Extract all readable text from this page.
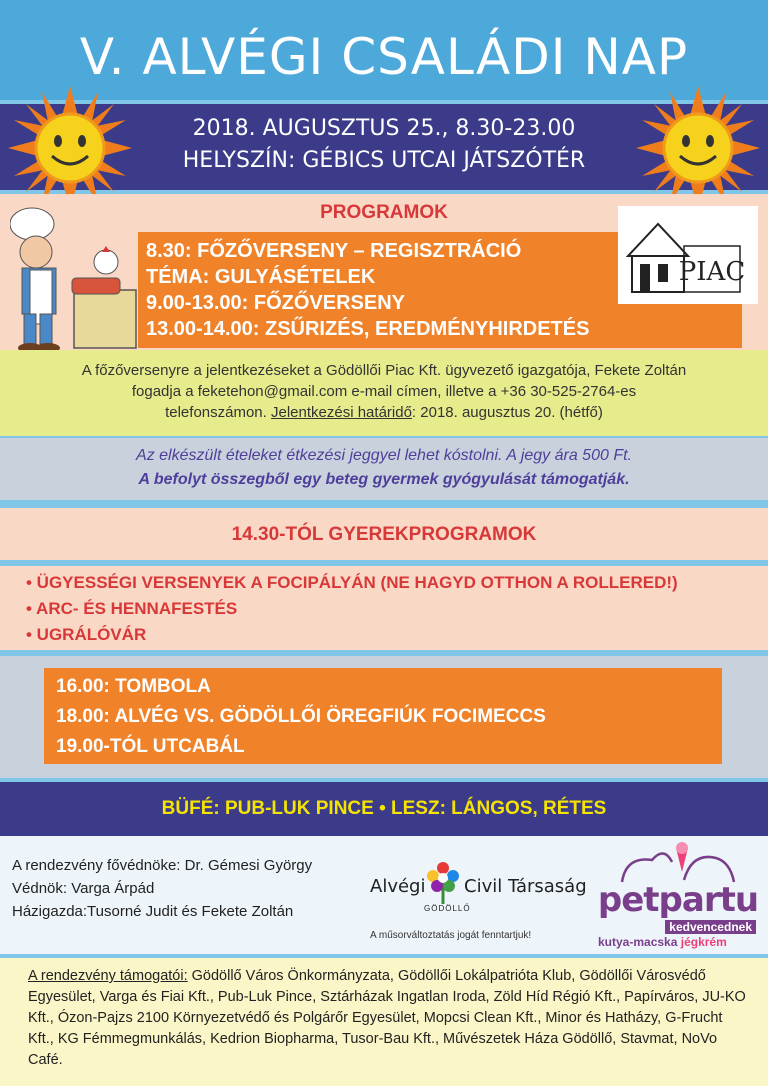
V. ALVÉGI CSALÁDI NAP
2018. AUGUSZTUS 25., 8.30-23.00
HELYSZÍN: GÉBICS UTCAI JÁTSZÓTÉR
PROGRAMOK
8.30: FŐZŐVERSENY – REGISZTRÁCIÓ
TÉMA: GULYÁSÉTELEK
9.00-13.00: FŐZŐVERSENY
13.00-14.00: ZSŰRIZÉS, EREDMÉNYHIRDETÉS
PIAC
A főzőversenyre a jelentkezéseket a Gödöllői Piac Kft. ügyvezető igazgatója, Fekete Zoltán
fogadja a feketehon@gmail.com e-mail címen, illetve a +36 30-525-2764-es
telefonszámon. Jelentkezési határidő: 2018. augusztus 20. (hétfő)
Az elkészült ételeket étkezési jeggyel lehet kóstolni. A jegy ára 500 Ft.
A befolyt összegből egy beteg gyermek gyógyulását támogatják.
14.30-TÓL GYEREKPROGRAMOK
• ÜGYESSÉGI VERSENYEK A FOCIPÁLYÁN (NE HAGYD OTTHON A ROLLERED!)
• ARC- ÉS HENNAFESTÉS
• UGRÁLÓVÁR
16.00: TOMBOLA
18.00: ALVÉG VS. GÖDÖLLŐI ÖREGFIÚK FOCIMECCS
19.00-TÓL UTCABÁL
BÜFÉ: PUB-LUK PINCE • LESZ: LÁNGOS, RÉTES
A rendezvény fővédnöke: Dr. Gémesi György
Védnök: Varga Árpád
Házigazda:Tusorné Judit és Fekete Zoltán
Alvégi Civil Társaság
GÖDÖLLŐ
A műsorváltoztatás jogát fenntartjuk!
petpartu
kedvencednek
kutya-macska jégkrém

A rendezvény támogatói: Gödöllő Város Önkormányzata, Gödöllői Lokálpatrióta Klub, Gödöllői Városvédő Egyesület, Varga és Fiai Kft., Pub-Luk Pince, Sztárházak Ingatlan Iroda, Zöld Híd Régió Kft., Papírváros, JU-KO Kft., Ózon-Pajzs 2100 Környezetvédő és Polgárőr Egyesület, Mopcsi Clean Kft., Minor és Hatházy, G-Frucht Kft., KG Fémmegmunkálás, Kedrion Biopharma, Tusor-Bau Kft., Művészetek Háza Gödöllő, Stavmat, NoVo Café.
